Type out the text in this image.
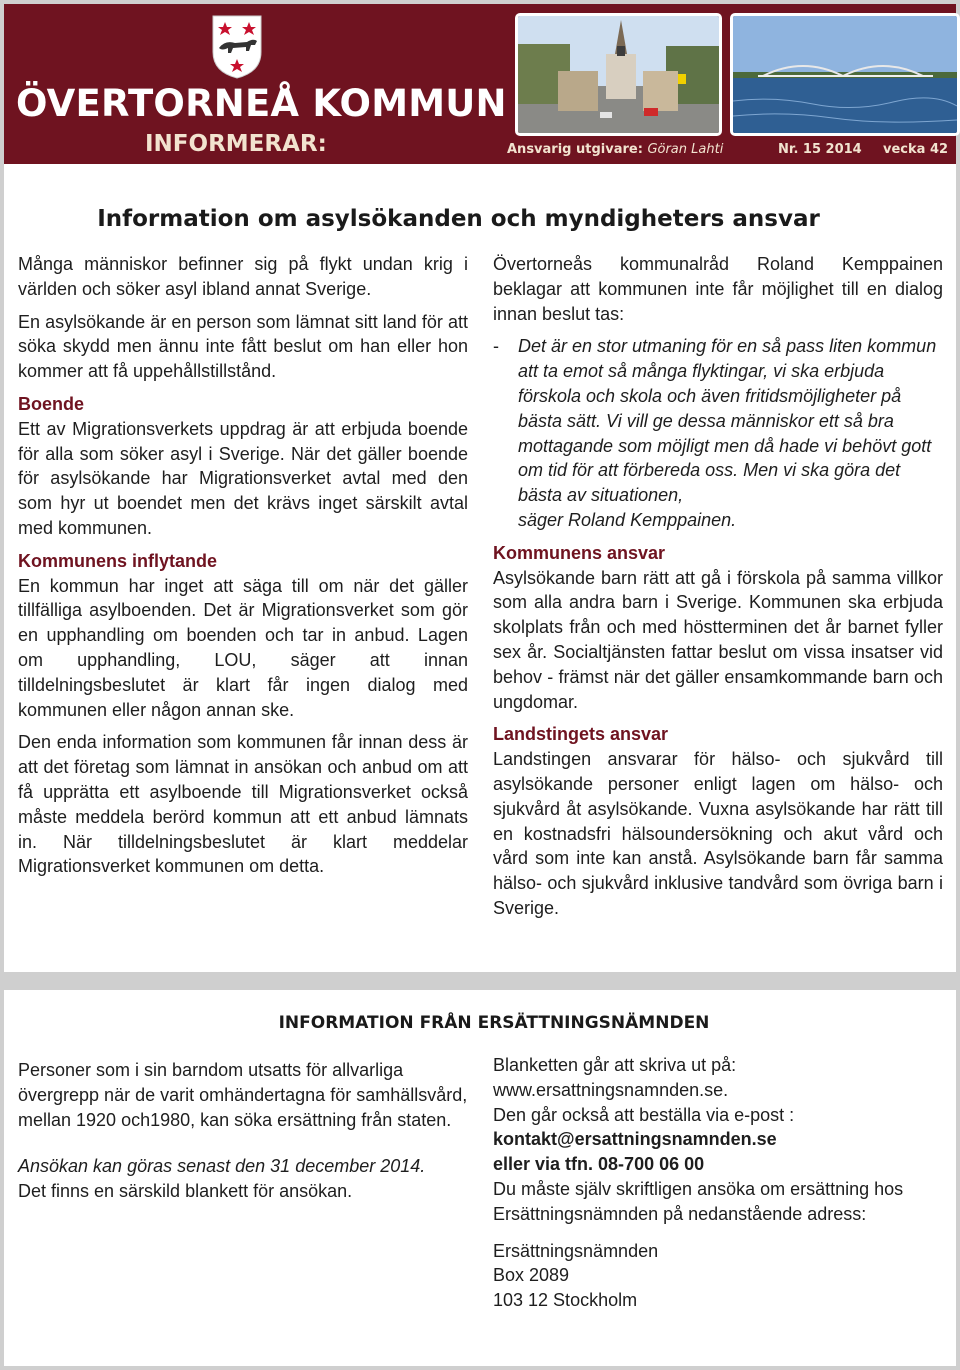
ÖVERTORNEÅ KOMMUN
INFORMERAR:	Ansvarig utgivare: Göran Lahti	Nr. 15 2014 vecka 42
Information om asylsökanden och myndigheters ansvar

Många människor befinner sig på flykt undan krig i världen och söker asyl ibland annat Sverige.

En asylsökande är en person som lämnat sitt land för att söka skydd men ännu inte fått beslut om han eller hon kommer att få uppehållstillstånd.

Boende

Ett av Migrationsverkets uppdrag är att erbjuda boende för alla som söker asyl i Sverige. När det gäller boende för asylsökande har Migrationsverket avtal med den som hyr ut boendet men det krävs inget särskilt avtal med kommunen.

Kommunens inflytande

En kommun har inget att säga till om när det gäller tillfälliga asylboenden. Det är Migrationsverket som gör en upphandling om boenden och tar in anbud. Lagen om upphandling, LOU, säger att innan tilldelningsbeslutet är klart får ingen dialog med kommunen eller någon annan ske.

Den enda information som kommunen får innan dess är att det företag som lämnat in ansökan och anbud om att få upprätta ett asylboende till Migrationsverket också måste meddela berörd kommun att ett anbud lämnats in. När tilldelningsbeslutet är klart meddelar Migrationsverket kommunen om detta.

Övertorneås kommunalråd Roland Kemppainen beklagar att kommunen inte får möjlighet till en dialog innan beslut tas:

- Det är en stor utmaning för en så pass liten kommun att ta emot så många flyktingar, vi ska erbjuda förskola och skola och även fritidsmöjligheter på bästa sätt. Vi vill ge dessa människor ett så bra mottagande som möjligt men då hade vi behövt gott om tid för att förbereda oss. Men vi ska göra det bästa av situationen,
säger Roland Kemppainen.

Kommunens ansvar

Asylsökande barn rätt att gå i förskola på samma villkor som alla andra barn i Sverige. Kommunen ska erbjuda skolplats från och med höstterminen det år barnet fyller sex år. Socialtjänsten fattar beslut om vissa insatser vid behov - främst när det gäller ensamkommande barn och ungdomar.

Landstingets ansvar

Landstingen ansvarar för hälso- och sjukvård till asylsökande personer enligt lagen om hälso- och sjukvård åt asylsökande. Vuxna asylsökande har rätt till en kostnadsfri hälsoundersökning och akut vård och vård som inte kan anstå. Asylsökande barn får samma hälso- och sjukvård inklusive tandvård som övriga barn i Sverige.

INFORMATION FRÅN ERSÄTTNINGSNÄMNDEN

Personer som i sin barndom utsatts för allvarliga övergrepp när de varit omhändertagna för samhällsvård, mellan 1920 och1980, kan söka ersättning från staten.

Ansökan kan göras senast den 31 december 2014.

Det finns en särskild blankett för ansökan.

Blanketten går att skriva ut på:
www.ersattningsnamnden.se.
Den går också att beställa via e-post :
kontakt@ersattningsnamnden.se
eller via tfn. 08-700 06 00
Du måste själv skriftligen ansöka om ersättning hos Ersättningsnämnden på nedanstående adress:
Ersättningsnämnden
Box 2089
103 12 Stockholm
